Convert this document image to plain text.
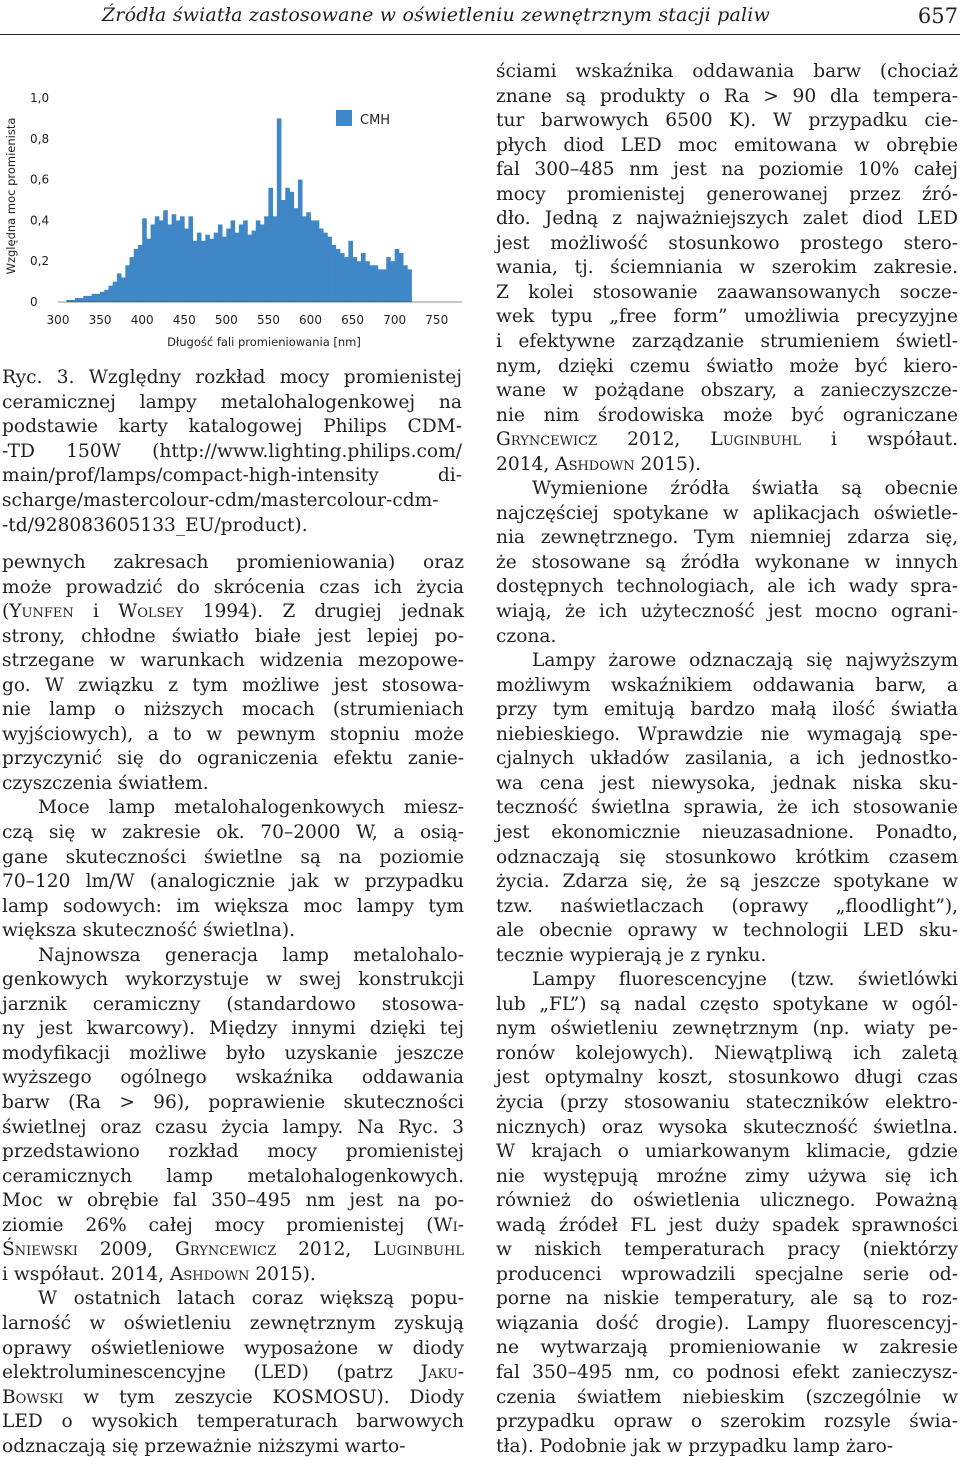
Źródła światła zastosowane w oświetleniu zewnętrznym stacji paliw	657
0
0,2
0,4
0,6
0,8
1,0
300 350 400 450 500 550 600 650 700 750
Względna moc promienista
Długość fali promieniowania [nm]
CMH
Ryc. 3. Względny rozkład mocy promienistej
ceramicznej lampy metalohalogenkowej na
podstawie karty katalogowej Philips CDM-
-TD 150W (http://www.lighting.philips.com/
main/prof/lamps/compact-high-intensity di-
scharge/mastercolour-cdm/mastercolour-cdm-
-td/928083605133_EU/product).
pewnych zakresach promieniowania) oraz
może prowadzić do skrócenia czas ich życia
(Yunfen i Wolsey 1994). Z drugiej jednak
strony, chłodne światło białe jest lepiej po-
strzegane w warunkach widzenia mezopowe-
go. W związku z tym możliwe jest stosowa-
nie lamp o niższych mocach (strumieniach
wyjściowych), a to w pewnym stopniu może
przyczynić się do ograniczenia efektu zanie-
czyszczenia światłem.
Moce lamp metalohalogenkowych miesz-
czą się w zakresie ok. 70–2000 W, a osią-
gane skuteczności świetlne są na poziomie
70–120 lm/W (analogicznie jak w przypadku
lamp sodowych: im większa moc lampy tym
większa skuteczność świetlna).
Najnowsza generacja lamp metalohalo-
genkowych wykorzystuje w swej konstrukcji
jarznik ceramiczny (standardowo stosowa-
ny jest kwarcowy). Między innymi dzięki tej
modyfikacji możliwe było uzyskanie jeszcze
wyższego ogólnego wskaźnika oddawania
barw (Ra > 96), poprawienie skuteczności
świetlnej oraz czasu życia lampy. Na Ryc. 3
przedstawiono rozkład mocy promienistej
ceramicznych lamp metalohalogenkowych.
Moc w obrębie fal 350–495 nm jest na po-
ziomie 26% całej mocy promienistej (Wi-
Śniewski 2009, Gryncewicz 2012, Luginbuhl
i współaut. 2014, Ashdown 2015).
W ostatnich latach coraz większą popu-
larność w oświetleniu zewnętrznym zyskują
oprawy oświetleniowe wyposażone w diody
elektroluminescencyjne (LED) (patrz Jaku-
Bowski w tym zeszycie KOSMOSU). Diody
LED o wysokich temperaturach barwowych
odznaczają się przeważnie niższymi warto-
ściami wskaźnika oddawania barw (chociaż
znane są produkty o Ra > 90 dla tempera-
tur barwowych 6500 K). W przypadku cie-
płych diod LED moc emitowana w obrębie
fal 300–485 nm jest na poziomie 10% całej
mocy promienistej generowanej przez źró-
dło. Jedną z najważniejszych zalet diod LED
jest możliwość stosunkowo prostego stero-
wania, tj. ściemniania w szerokim zakresie.
Z kolei stosowanie zaawansowanych socze-
wek typu „free form” umożliwia precyzyjne
i efektywne zarządzanie strumieniem świetl-
nym, dzięki czemu światło może być kiero-
wane w pożądane obszary, a zanieczyszcze-
nie nim środowiska może być ograniczane
Gryncewicz 2012, Luginbuhl i współaut.
2014, Ashdown 2015).
Wymienione źródła światła są obecnie
najczęściej spotykane w aplikacjach oświetle-
nia zewnętrznego. Tym niemniej zdarza się,
że stosowane są źródła wykonane w innych
dostępnych technologiach, ale ich wady spra-
wiają, że ich użyteczność jest mocno ograni-
czona.
Lampy żarowe odznaczają się najwyższym
możliwym wskaźnikiem oddawania barw, a
przy tym emitują bardzo małą ilość światła
niebieskiego. Wprawdzie nie wymagają spe-
cjalnych układów zasilania, a ich jednostko-
wa cena jest niewysoka, jednak niska sku-
teczność świetlna sprawia, że ich stosowanie
jest ekonomicznie nieuzasadnione. Ponadto,
odznaczają się stosunkowo krótkim czasem
życia. Zdarza się, że są jeszcze spotykane w
tzw. naświetlaczach (oprawy „floodlight”),
ale obecnie oprawy w technologii LED sku-
tecznie wypierają je z rynku.
Lampy fluorescencyjne (tzw. świetlówki
lub „FL”) są nadal często spotykane w ogól-
nym oświetleniu zewnętrznym (np. wiaty pe-
ronów kolejowych). Niewątpliwą ich zaletą
jest optymalny koszt, stosunkowo długi czas
życia (przy stosowaniu stateczników elektro-
nicznych) oraz wysoka skuteczność świetlna.
W krajach o umiarkowanym klimacie, gdzie
nie występują mroźne zimy używa się ich
również do oświetlenia ulicznego. Poważną
wadą źródeł FL jest duży spadek sprawności
w niskich temperaturach pracy (niektórzy
producenci wprowadzili specjalne serie od-
porne na niskie temperatury, ale są to roz-
wiązania dość drogie). Lampy fluorescencyj-
ne wytwarzają promieniowanie w zakresie
fal 350–495 nm, co podnosi efekt zanieczysz-
czenia światłem niebieskim (szczególnie w
przypadku opraw o szerokim rozsyle świa-
tła). Podobnie jak w przypadku lamp żaro-
